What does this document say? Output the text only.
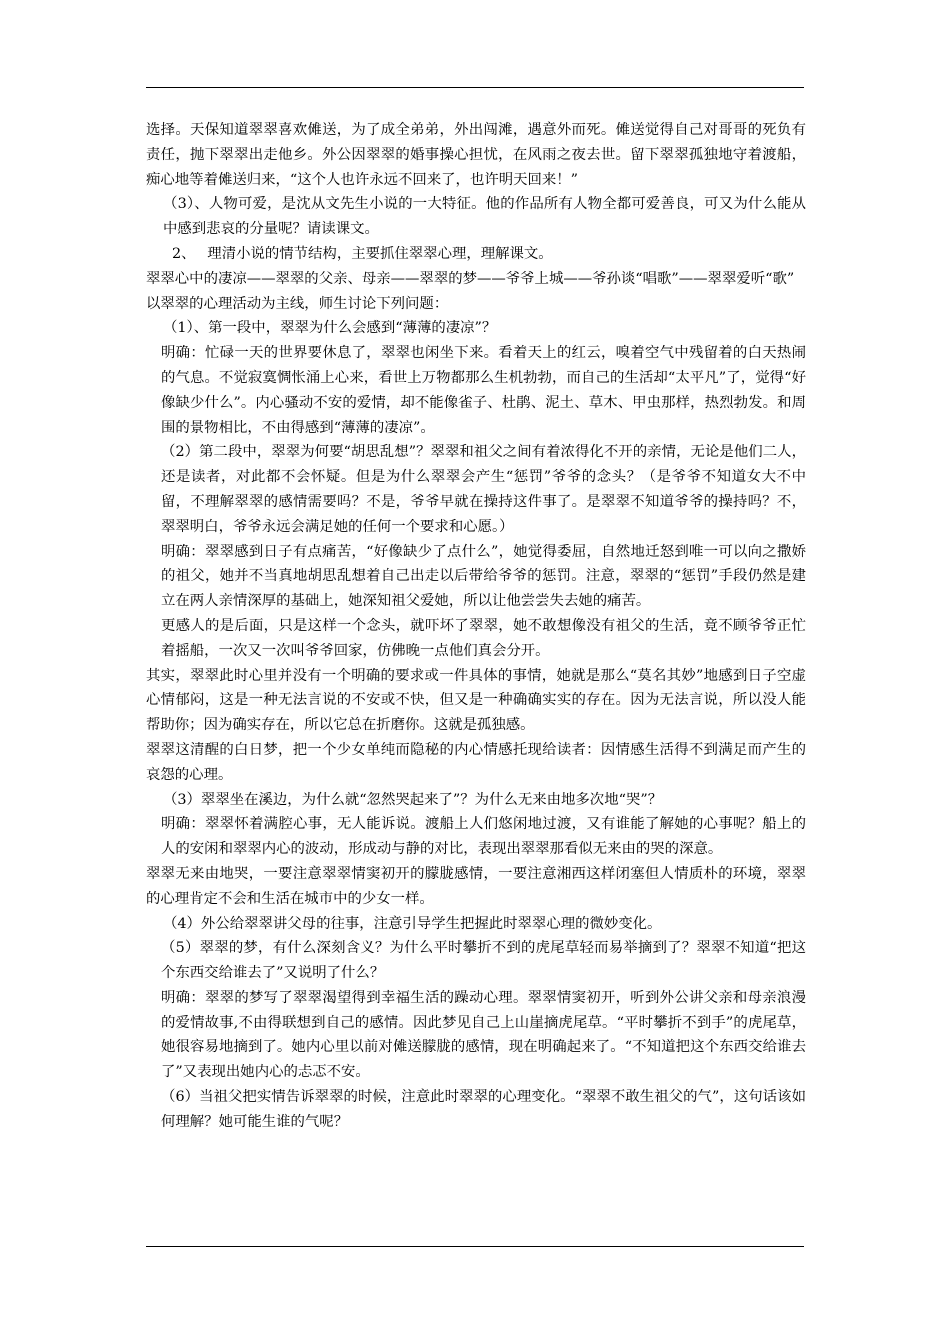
选择。天保知道翠翠喜欢傩送，为了成全弟弟，外出闯滩，遇意外而死。傩送觉得自己对哥哥的死负有责任，抛下翠翠出走他乡。外公因翠翠的婚事操心担忧，在风雨之夜去世。留下翠翠孤独地守着渡船，痴心地等着傩送归来，“这个人也许永远不回来了，也许明天回来！”

（3）、人物可爱，是沈从文先生小说的一大特征。他的作品所有人物全都可爱善良，可又为什么能从中感到悲哀的分量呢？请读课文。

2、　 理清小说的情节结构，主要抓住翠翠心理，理解课文。

翠翠心中的凄凉——翠翠的父亲、母亲——翠翠的梦——爷爷上城——爷孙谈“唱歌”——翠翠爱听“歌”

以翠翠的心理活动为主线，师生讨论下列问题：

（1）、第一段中，翠翠为什么会感到“薄薄的凄凉”？

明确：忙碌一天的世界要休息了，翠翠也闲坐下来。看着天上的红云，嗅着空气中残留着的白天热闹的气息。不觉寂寞惆怅涌上心来，看世上万物都那么生机勃勃，而自己的生活却“太平凡”了，觉得“好像缺少什么”。内心骚动不安的爱情，却不能像雀子、杜鹃、泥土、草木、甲虫那样，热烈勃发。和周围的景物相比，不由得感到“薄薄的凄凉”。

（2）第二段中，翠翠为何要“胡思乱想”？翠翠和祖父之间有着浓得化不开的亲情，无论是他们二人，还是读者，对此都不会怀疑。但是为什么翠翠会产生“惩罚”爷爷的念头？（是爷爷不知道女大不中留，不理解翠翠的感情需要吗？不是，爷爷早就在操持这件事了。是翠翠不知道爷爷的操持吗？不，翠翠明白，爷爷永远会满足她的任何一个要求和心愿。）

明确：翠翠感到日子有点痛苦，“好像缺少了点什么”，她觉得委屈，自然地迁怒到唯一可以向之撒娇的祖父，她并不当真地胡思乱想着自己出走以后带给爷爷的惩罚。注意，翠翠的“惩罚”手段仍然是建立在两人亲情深厚的基础上，她深知祖父爱她，所以让他尝尝失去她的痛苦。

更感人的是后面，只是这样一个念头，就吓坏了翠翠，她不敢想像没有祖父的生活，竟不顾爷爷正忙着摇船，一次又一次叫爷爷回家，仿佛晚一点他们真会分开。

其实，翠翠此时心里并没有一个明确的要求或一件具体的事情，她就是那么“莫名其妙”地感到日子空虚心情郁闷，这是一种无法言说的不安或不快，但又是一种确确实实的存在。因为无法言说，所以没人能帮助你；因为确实存在，所以它总在折磨你。这就是孤独感。

翠翠这清醒的白日梦，把一个少女单纯而隐秘的内心情感托现给读者：因情感生活得不到满足而产生的哀怨的心理。

（3）翠翠坐在溪边，为什么就“忽然哭起来了”？为什么无来由地多次地“哭”？

明确：翠翠怀着满腔心事，无人能诉说。渡船上人们悠闲地过渡，又有谁能了解她的心事呢？船上的人的安闲和翠翠内心的波动，形成动与静的对比，表现出翠翠那看似无来由的哭的深意。

翠翠无来由地哭，一要注意翠翠情窦初开的朦胧感情，一要注意湘西这样闭塞但人情质朴的环境，翠翠的心理肯定不会和生活在城市中的少女一样。

（4）外公给翠翠讲父母的往事，注意引导学生把握此时翠翠心理的微妙变化。

（5）翠翠的梦，有什么深刻含义？为什么平时攀折不到的虎尾草轻而易举摘到了？翠翠不知道“把这个东西交给谁去了”又说明了什么？

明确：翠翠的梦写了翠翠渴望得到幸福生活的躁动心理。翠翠情窦初开，听到外公讲父亲和母亲浪漫的爱情故事,不由得联想到自己的感情。因此梦见自己上山崖摘虎尾草。“平时攀折不到手”的虎尾草，她很容易地摘到了。她内心里以前对傩送朦胧的感情，现在明确起来了。“不知道把这个东西交给谁去了”又表现出她内心的忐忑不安。

（6）当祖父把实情告诉翠翠的时候，注意此时翠翠的心理变化。“翠翠不敢生祖父的气”，这句话该如何理解？她可能生谁的气呢？
